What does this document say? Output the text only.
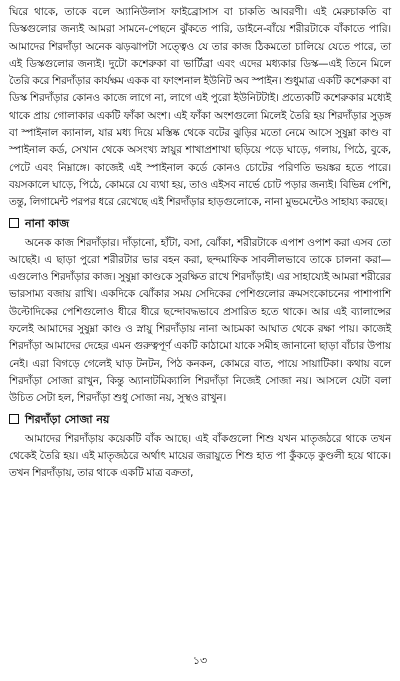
ঘিরে থাকে, তাকে বলে অ্যানিউলাস ফাইব্রোসাস বা চাকতি আবরণী। এই মেরুচাকতি বা ডিস্কগুলোর জন্যই আমরা সামনে-পেছনে ঝুঁকতে পারি, ডাইনে-বাঁয়ে শরীরটাকে বাঁকাতে পারি। আমাদের শিরদাঁড়া অনেক ঝড়ঝাপটা সত্ত্বেও যে তার কাজ ঠিকমতো চালিয়ে যেতে পারে, তা এই ডিস্কগুলোর জন্যই। দুটো কশেরুকা বা ভার্টিব্রা এবং এদের মধ্যকার ডিস্ক—এই তিনে মিলে তৈরি করে শিরদাঁড়ার কার্যক্ষম একক বা ফাংশনাল ইউনিট অব স্পাইন। শুধুমাত্র একটি কশেরুকা বা ডিস্ক শিরদাঁড়ার কোনও কাজে লাগে না, লাগে এই পুরো ইউনিটটাই। প্রত্যেকটি কশেরুকার মধ্যেই থাকে প্রায় গোলাকার একটি ফাঁকা অংশ। এই ফাঁকা অংশগুলো মিলেই তৈরি হয় শিরদাঁড়ার সুড়ঙ্গ বা স্পাইনাল ক্যানাল, যার মধ্য দিয়ে মস্তিষ্ক থেকে বটের ঝুড়ির মতো নেমে আসে সুষুম্না কাণ্ড বা স্পাইনাল কর্ড, সেখান থেকে অসংখ্য স্নায়ুর শাখাপ্রশাখা ছড়িয়ে পড়ে ঘাড়ে, গলায়, পিঠে, বুকে, পেটে এবং নিম্নাঙ্গে। কাজেই এই স্পাইনাল কর্ডে কোনও চোটের পরিণতি ভয়ঙ্কর হতে পারে। বয়সকালে ঘাড়ে, পিঠে, কোমরে যে ব্যথা হয়, তাও এইসব নার্ভে চোট পড়ার জন্যই। বিভিন্ন পেশি, তন্তু, লিগামেন্ট পরপর ধরে রেখেছে এই শিরদাঁড়ার হাড়গুলোকে, নানা মুভমেন্টেও সাহায্য করছে।

নানা কাজ

অনেক কাজ শিরদাঁড়ার। দাঁড়ানো, হাঁটা, বসা, ঝোঁকা, শরীরটাকে এপাশ ওপাশ করা এসব তো আছেই। এ ছাড়া পুরো শরীরটার ভার বহন করা, ছন্দমাফিক সাবলীলভাবে তাকে চালনা করা—এগুলোও শিরদাঁড়ার কাজ। সুষুম্না কাণ্ডকে সুরক্ষিত রাখে শিরদাঁড়াই। এর সাহায্যেই আমরা শরীরের ভারসাম্য বজায় রাখি। একদিকে ঝোঁকার সময় সেদিকের পেশিগুলোর ক্রমসংকোচনের পাশাপাশি উল্টোদিকের পেশিগুলোও ধীরে ধীরে ছন্দোবদ্ধভাবে প্রসারিত হতে থাকে। আর এই ব্যালান্সের ফলেই আমাদের সুষুম্না কাণ্ড ও স্নায়ু শিরদাঁড়ায় নানা আচমকা আঘাত থেকে রক্ষা পায়। কাজেই শিরদাঁড়া আমাদের দেহের এমন গুরুত্বপূর্ণ একটি কাঠামো যাকে সমীহ জানানো ছাড়া বাঁচার উপায় নেই। এরা বিগড়ে গেলেই ঘাড় টনটন, পিঠ কনকন, কোমরে বাত, পায়ে সায়াটিকা। কথায় বলে শিরদাঁড়া সোজা রাখুন, কিন্তু অ্যানাটমিক্যালি শিরদাঁড়া নিজেই সোজা নয়। আসলে যেটা বলা উচিত সেটা হল, শিরদাঁড়া শুধু সোজা নয়, সুস্থও রাখুন।

শিরদাঁড়া সোজা নয়

আমাদের শিরদাঁড়ায় কয়েকটি বাঁক আছে। এই বাঁকগুলো শিশু যখন মাতৃজঠরে থাকে তখন থেকেই তৈরি হয়। এই মাতৃজঠরে অর্থাৎ মায়ের জরায়ুতে শিশু হাত পা কুঁকড়ে কুণ্ডলী হয়ে থাকে। তখন শিরদাঁড়ায়, তার থাকে একটি মাত্র বক্রতা,

১৩
